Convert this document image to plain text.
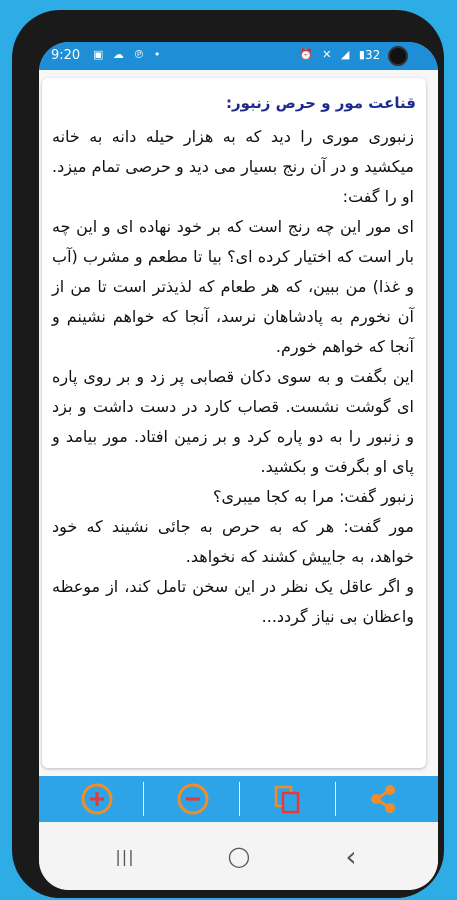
9:20 ▣ ☁ ℗ •	⏰ ✕ ◢ ▮
32
قناعت مور و حرص زنبور:
زنبوری موری را دید که به هزار حیله دانه به خانه میکشید و در آن رنج بسیار می دید و حرصی تمام میزد. او را گفت:
ای مور این چه رنج است که بر خود نهاده ای و این چه بار است که اختیار کرده ای؟ بیا تا مطعم و مشرب (آب و غذا) من ببین، که هر طعام که لذیذتر است تا من از آن نخورم به پادشاهان نرسد، آنجا که خواهم نشینم و آنجا که خواهم خورم.
این بگفت و به سوی دکان قصابی پر زد و بر روی پاره ای گوشت نشست. قصاب کارد در دست داشت و بزد و زنبور را به دو پاره کرد و بر زمین افتاد. مور بیامد و پای او بگرفت و بکشید.
زنبور گفت: مرا به کجا میبری؟
مور گفت: هر که به حرص به جائی نشیند که خود خواهد، به جاییش کشند که نخواهد.
و اگر عاقل یک نظر در این سخن تامل کند، از موعظه واعظان بی نیاز گردد...
|||	◯	‹
